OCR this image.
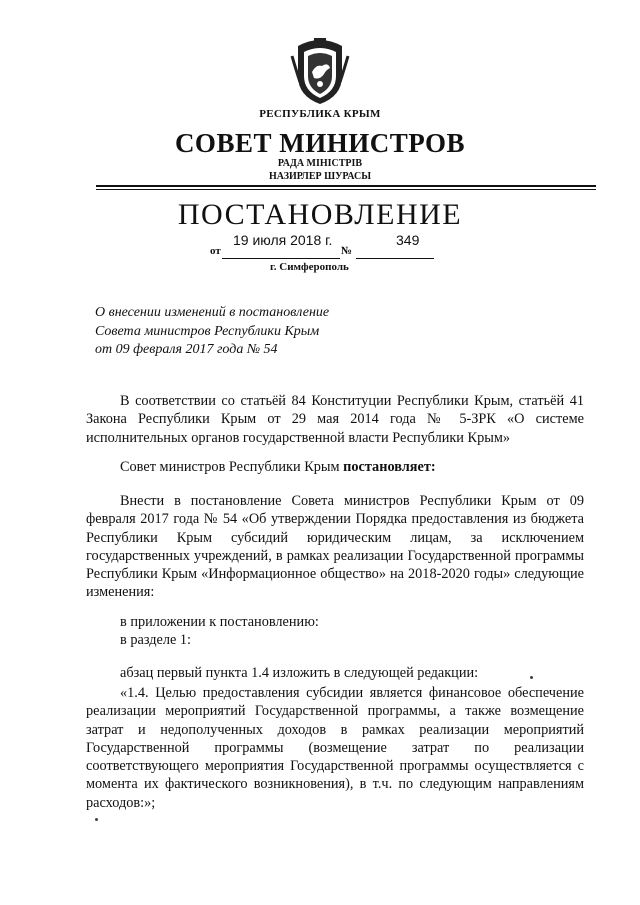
РЕСПУБЛИКА КРЫМ
СОВЕТ МИНИСТРОВ
РАДА МІНІСТРІВ
НАЗИРЛЕР ШУРАСЫ
ПОСТАНОВЛЕНИЕ
19 июля 2018 г.	349
от	№
г. Симферополь
О внесении изменений в постановление
Совета министров Республики Крым
от 09 февраля 2017 года № 54
В соответствии со статьёй 84 Конституции Республики Крым, статьёй 41 Закона Республики Крым от 29 мая 2014 года № 5-ЗРК «О системе исполнительных органов государственной власти Республики Крым»
Совет министров Республики Крым постановляет:
Внести в постановление Совета министров Республики Крым от 09 февраля 2017 года № 54 «Об утверждении Порядка предоставления из бюджета Республики Крым субсидий юридическим лицам, за исключением государственных учреждений, в рамках реализации Государственной программы Республики Крым «Информационное общество» на 2018-2020 годы» следующие изменения:
в приложении к постановлению:
в разделе 1:
абзац первый пункта 1.4 изложить в следующей редакции:
«1.4. Целью предоставления субсидии является финансовое обеспечение реализации мероприятий Государственной программы, а также возмещение затрат и недополученных доходов в рамках реализации мероприятий Государственной программы (возмещение затрат по реализации соответствующего мероприятия Государственной программы осуществляется с момента их фактического возникновения), в т.ч. по следующим направлениям расходов:»;
